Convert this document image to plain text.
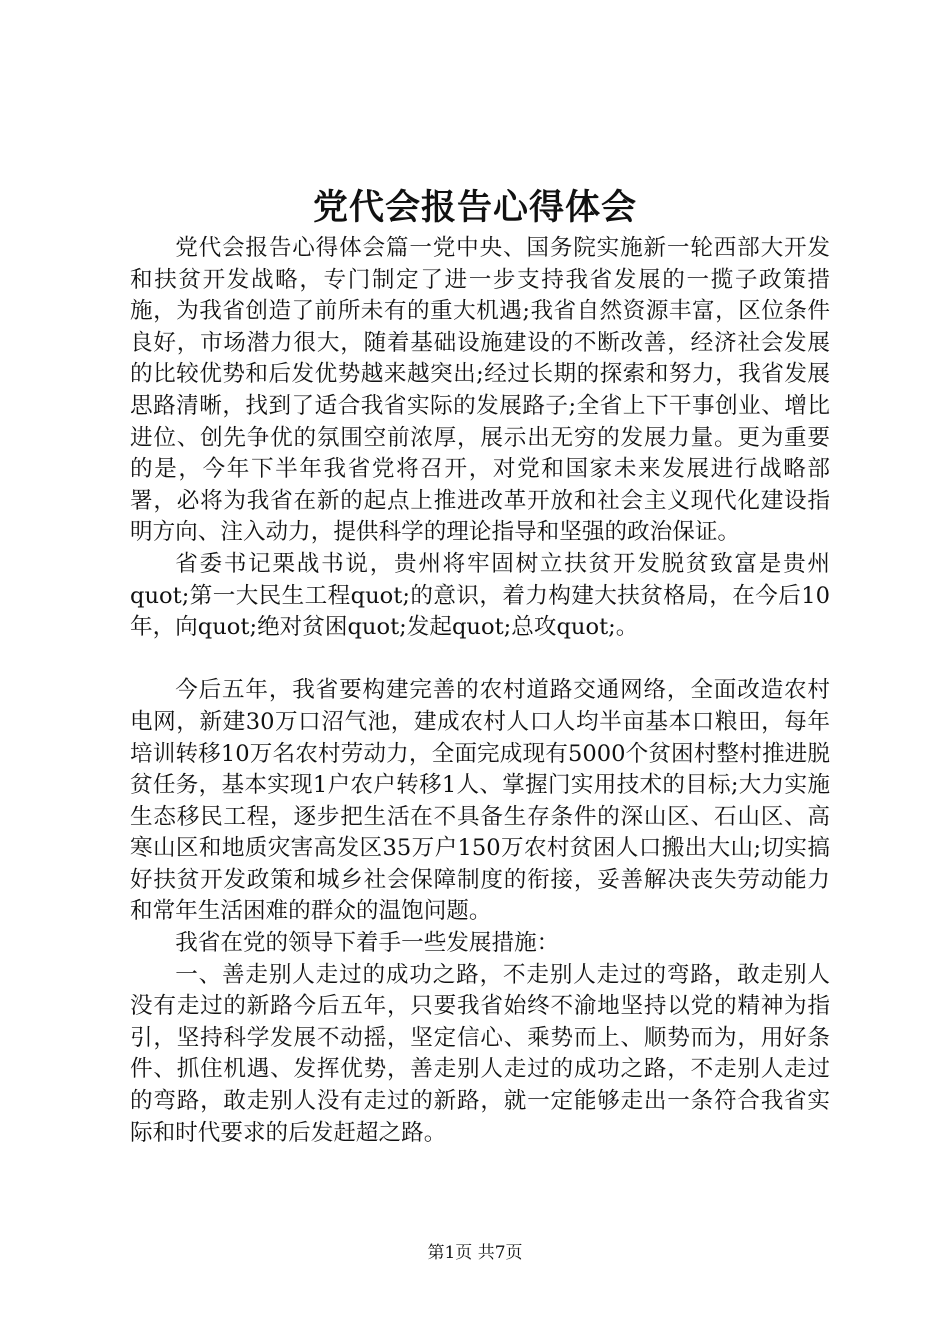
党代会报告心得体会

党代会报告心得体会篇一党中央、国务院实施新一轮西部大开发和扶贫开发战略，专门制定了进一步支持我省发展的一揽子政策措施，为我省创造了前所未有的重大机遇;我省自然资源丰富，区位条件良好，市场潜力很大，随着基础设施建设的不断改善，经济社会发展的比较优势和后发优势越来越突出;经过长期的探索和努力，我省发展思路清晰，找到了适合我省实际的发展路子;全省上下干事创业、增比进位、创先争优的氛围空前浓厚，展示出无穷的发展力量。更为重要的是，今年下半年我省党将召开，对党和国家未来发展进行战略部署，必将为我省在新的起点上推进改革开放和社会主义现代化建设指明方向、注入动力，提供科学的理论指导和坚强的政治保证。

省委书记栗战书说，贵州将牢固树立扶贫开发脱贫致富是贵州quot;第一大民生工程quot;的意识，着力构建大扶贫格局，在今后10年，向quot;绝对贫困quot;发起quot;总攻quot;。

今后五年，我省要构建完善的农村道路交通网络，全面改造农村电网，新建30万口沼气池，建成农村人口人均半亩基本口粮田，每年培训转移10万名农村劳动力，全面完成现有5000个贫困村整村推进脱贫任务，基本实现1户农户转移1人、掌握门实用技术的目标;大力实施生态移民工程，逐步把生活在不具备生存条件的深山区、石山区、高寒山区和地质灾害高发区35万户150万农村贫困人口搬出大山;切实搞好扶贫开发政策和城乡社会保障制度的衔接，妥善解决丧失劳动能力和常年生活困难的群众的温饱问题。

我省在党的领导下着手一些发展措施：

一、善走别人走过的成功之路，不走别人走过的弯路，敢走别人没有走过的新路今后五年，只要我省始终不渝地坚持以党的精神为指引，坚持科学发展不动摇，坚定信心、乘势而上、顺势而为，用好条件、抓住机遇、发挥优势，善走别人走过的成功之路，不走别人走过的弯路，敢走别人没有走过的新路，就一定能够走出一条符合我省实际和时代要求的后发赶超之路。

第1页 共7页
